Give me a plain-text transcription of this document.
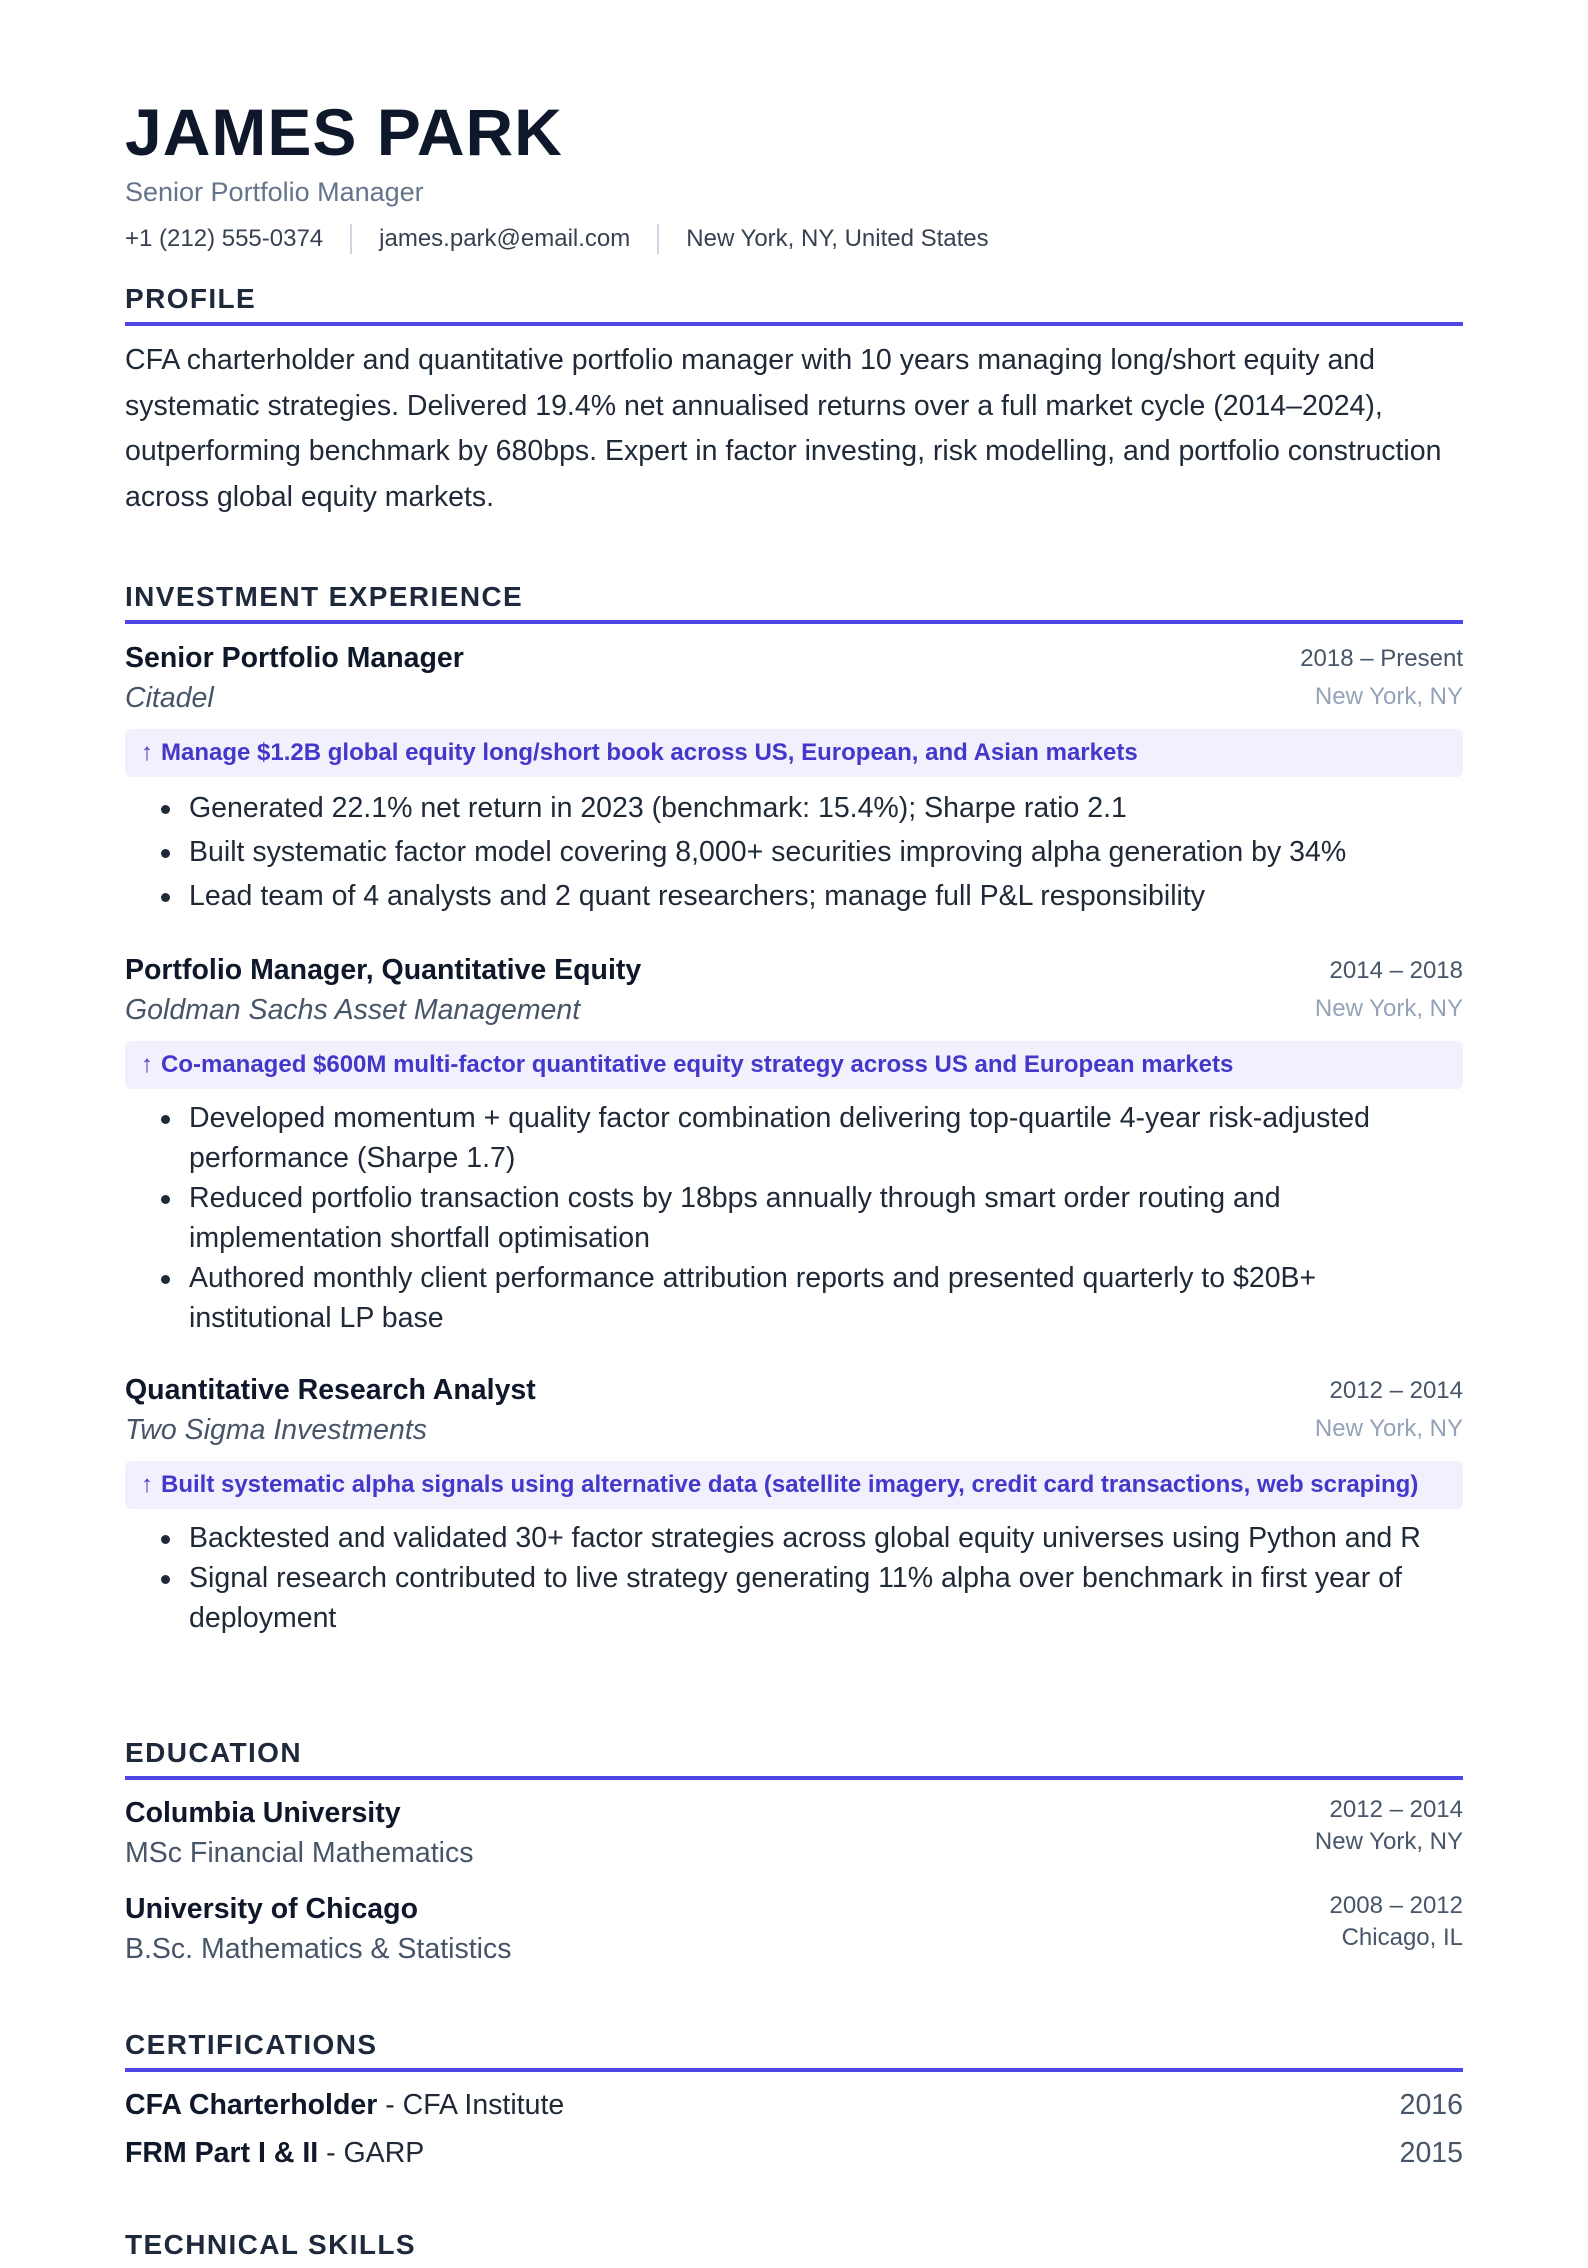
JAMES PARK
Senior Portfolio Manager
+1 (212) 555-0374 james.park@email.com New York, NY, United States
PROFILE

CFA charterholder and quantitative portfolio manager with 10 years managing long/short equity and systematic strategies. Delivered 19.4% net annualised returns over a full market cycle (2014–2024), outperforming benchmark by 680bps. Expert in factor investing, risk modelling, and portfolio construction across global equity markets.

INVESTMENT EXPERIENCE
Senior Portfolio Manager	2018 – Present
Citadel	New York, NY
↑ Manage $1.2B global equity long/short book across US, European, and Asian markets
Generated 22.1% net return in 2023 (benchmark: 15.4%); Sharpe ratio 2.1
Built systematic factor model covering 8,000+ securities improving alpha generation by 34%
Lead team of 4 analysts and 2 quant researchers; manage full P&L responsibility
Portfolio Manager, Quantitative Equity	2014 – 2018
Goldman Sachs Asset Management	New York, NY
↑ Co-managed $600M multi-factor quantitative equity strategy across US and European markets
Developed momentum + quality factor combination delivering top-quartile 4-year risk-adjusted performance (Sharpe 1.7)
Reduced portfolio transaction costs by 18bps annually through smart order routing and implementation shortfall optimisation
Authored monthly client performance attribution reports and presented quarterly to $20B+ institutional LP base
Quantitative Research Analyst	2012 – 2014
Two Sigma Investments	New York, NY
↑ Built systematic alpha signals using alternative data (satellite imagery, credit card transactions, web scraping)
Backtested and validated 30+ factor strategies across global equity universes using Python and R
Signal research contributed to live strategy generating 11% alpha over benchmark in first year of deployment
EDUCATION
Columbia University	2012 – 2014
MSc Financial Mathematics	New York, NY
University of Chicago	2008 – 2012
B.Sc. Mathematics & Statistics	Chicago, IL
CERTIFICATIONS
CFA Charterholder - CFA Institute	2016
FRM Part I & II - GARP	2015
TECHNICAL SKILLS
